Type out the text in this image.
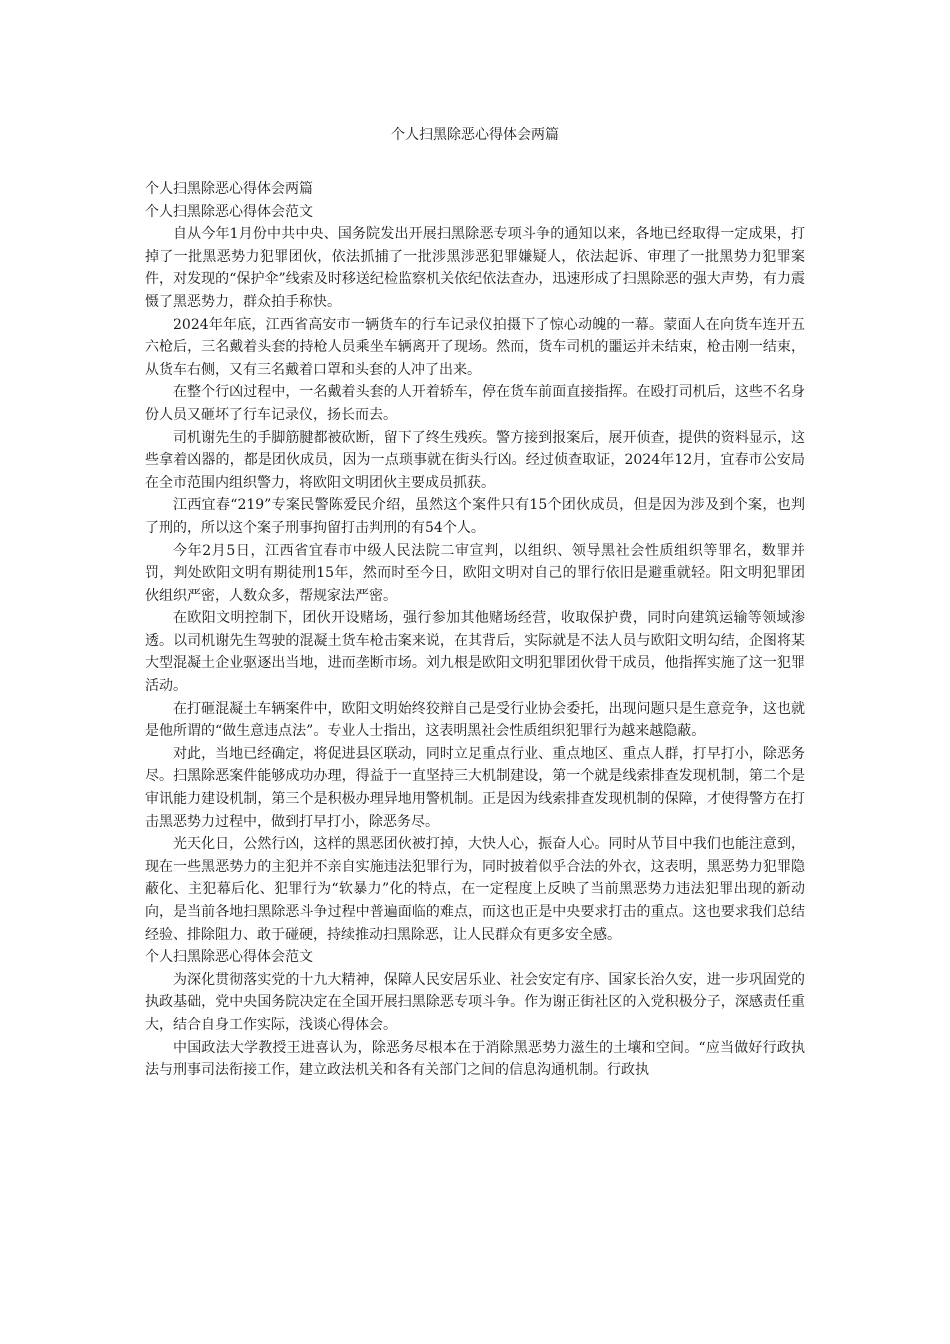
个人扫黑除恶心得体会两篇

个人扫黑除恶心得体会两篇

个人扫黑除恶心得体会范文

自从今年1月份中共中央、国务院发出开展扫黑除恶专项斗争的通知以来，各地已经取得一定成果，打掉了一批黑恶势力犯罪团伙，依法抓捕了一批涉黑涉恶犯罪嫌疑人，依法起诉、审理了一批黑势力犯罪案件，对发现的“保护伞”线索及时移送纪检监察机关依纪依法查办，迅速形成了扫黑除恶的强大声势，有力震慑了黑恶势力，群众拍手称快。

2024年年底，江西省高安市一辆货车的行车记录仪拍摄下了惊心动魄的一幕。蒙面人在向货车连开五六枪后，三名戴着头套的持枪人员乘坐车辆离开了现场。然而，货车司机的噩运并未结束，枪击刚一结束，从货车右侧，又有三名戴着口罩和头套的人冲了出来。

在整个行凶过程中，一名戴着头套的人开着轿车，停在货车前面直接指挥。在殴打司机后，这些不名身份人员又砸坏了行车记录仪，扬长而去。

司机谢先生的手脚筋腱都被砍断，留下了终生残疾。警方接到报案后，展开侦查，提供的资料显示，这些拿着凶器的，都是团伙成员，因为一点琐事就在街头行凶。经过侦查取证，2024年12月，宜春市公安局在全市范围内组织警力，将欧阳文明团伙主要成员抓获。

江西宜春“219”专案民警陈爱民介绍，虽然这个案件只有15个团伙成员，但是因为涉及到个案，也判了刑的，所以这个案子刑事拘留打击判刑的有54个人。

今年2月5日，江西省宜春市中级人民法院二审宣判，以组织、领导黑社会性质组织等罪名，数罪并罚，判处欧阳文明有期徒刑15年，然而时至今日，欧阳文明对自己的罪行依旧是避重就轻。阳文明犯罪团伙组织严密，人数众多，帮规家法严密。

在欧阳文明控制下，团伙开设赌场，强行参加其他赌场经营，收取保护费，同时向建筑运输等领域渗透。以司机谢先生驾驶的混凝土货车枪击案来说，在其背后，实际就是不法人员与欧阳文明勾结，企图将某大型混凝土企业驱逐出当地，进而垄断市场。刘九根是欧阳文明犯罪团伙骨干成员，他指挥实施了这一犯罪活动。

在打砸混凝土车辆案件中，欧阳文明始终狡辩自己是受行业协会委托，出现问题只是生意竞争，这也就是他所谓的“做生意违点法”。专业人士指出，这表明黑社会性质组织犯罪行为越来越隐蔽。

对此，当地已经确定，将促进县区联动，同时立足重点行业、重点地区、重点人群，打早打小，除恶务尽。扫黑除恶案件能够成功办理，得益于一直坚持三大机制建设，第一个就是线索排查发现机制，第二个是审讯能力建设机制，第三个是积极办理异地用警机制。正是因为线索排查发现机制的保障，才使得警方在打击黑恶势力过程中，做到打早打小，除恶务尽。

光天化日，公然行凶，这样的黑恶团伙被打掉，大快人心，振奋人心。同时从节目中我们也能注意到，现在一些黑恶势力的主犯并不亲自实施违法犯罪行为，同时披着似乎合法的外衣，这表明，黑恶势力犯罪隐蔽化、主犯幕后化、犯罪行为“软暴力”化的特点，在一定程度上反映了当前黑恶势力违法犯罪出现的新动向，是当前各地扫黑除恶斗争过程中普遍面临的难点，而这也正是中央要求打击的重点。这也要求我们总结经验、排除阻力、敢于碰硬，持续推动扫黑除恶，让人民群众有更多安全感。

个人扫黑除恶心得体会范文

为深化贯彻落实党的十九大精神，保障人民安居乐业、社会安定有序、国家长治久安，进一步巩固党的执政基础，党中央国务院决定在全国开展扫黑除恶专项斗争。作为谢正街社区的入党积极分子，深感责任重大，结合自身工作实际，浅谈心得体会。

中国政法大学教授王进喜认为，除恶务尽根本在于消除黑恶势力滋生的土壤和空间。“应当做好行政执法与刑事司法衔接工作，建立政法机关和各有关部门之间的信息沟通机制。行政执
